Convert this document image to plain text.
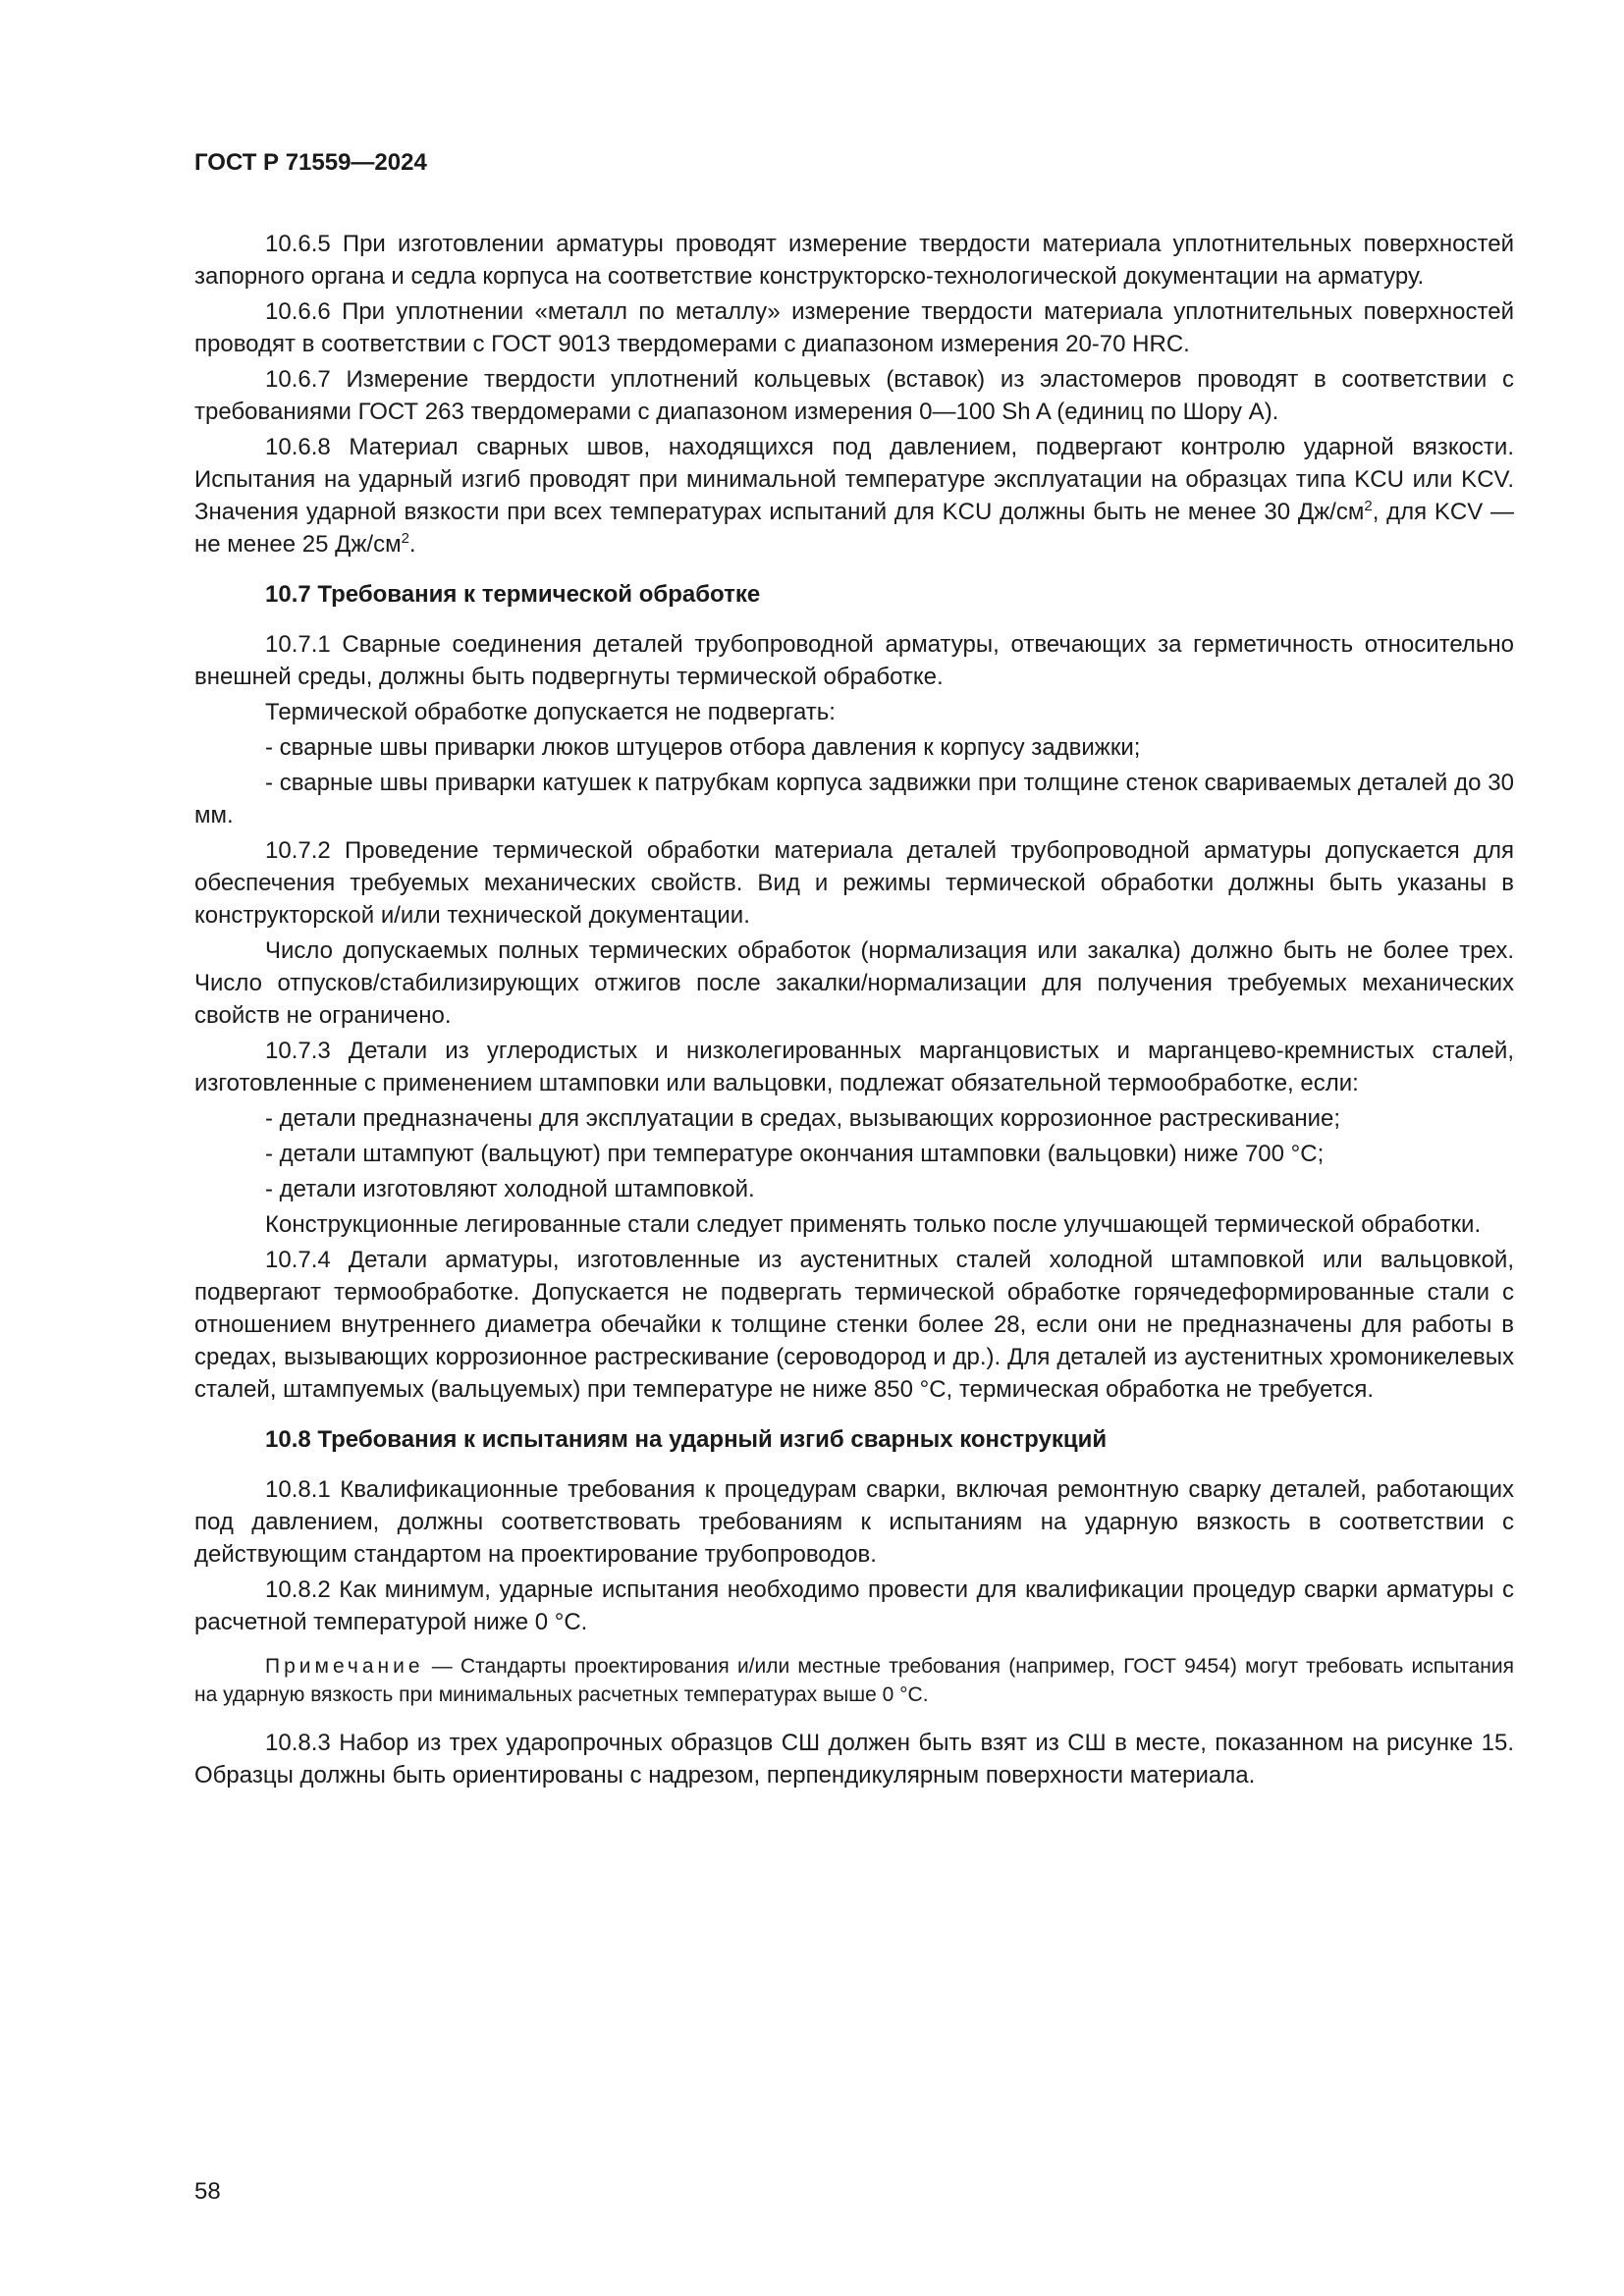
ГОСТ Р 71559—2024

10.6.5 При изготовлении арматуры проводят измерение твердости материала уплотнительных поверхностей запорного органа и седла корпуса на соответствие конструкторско-технологической документации на арматуру.

10.6.6 При уплотнении «металл по металлу» измерение твердости материала уплотнительных поверхностей проводят в соответствии с ГОСТ 9013 твердомерами с диапазоном измерения 20-70 HRC.

10.6.7 Измерение твердости уплотнений кольцевых (вставок) из эластомеров проводят в соответствии с требованиями ГОСТ 263 твердомерами с диапазоном измерения 0—100 Sh A (единиц по Шору А).

10.6.8 Материал сварных швов, находящихся под давлением, подвергают контролю ударной вязкости. Испытания на ударный изгиб проводят при минимальной температуре эксплуатации на образцах типа KCU или KCV. Значения ударной вязкости при всех температурах испытаний для KCU должны быть не менее 30 $Дж/см^2$, для KCV — не менее 25 $Дж/см^2$.

10.7 Требования к термической обработке

10.7.1 Сварные соединения деталей трубопроводной арматуры, отвечающих за герметичность относительно внешней среды, должны быть подвергнуты термической обработке.

Термической обработке допускается не подвергать:

- сварные швы приварки люков штуцеров отбора давления к корпусу задвижки;

- сварные швы приварки катушек к патрубкам корпуса задвижки при толщине стенок свариваемых деталей до 30 мм.

10.7.2 Проведение термической обработки материала деталей трубопроводной арматуры допускается для обеспечения требуемых механических свойств. Вид и режимы термической обработки должны быть указаны в конструкторской и/или технической документации.

Число допускаемых полных термических обработок (нормализация или закалка) должно быть не более трех. Число отпусков/стабилизирующих отжигов после закалки/нормализации для получения требуемых механических свойств не ограничено.

10.7.3 Детали из углеродистых и низколегированных марганцовистых и марганцево-кремнистых сталей, изготовленные с применением штамповки или вальцовки, подлежат обязательной термообработке, если:

- детали предназначены для эксплуатации в средах, вызывающих коррозионное растрескивание;

- детали штампуют (вальцуют) при температуре окончания штамповки (вальцовки) ниже 700 °С;

- детали изготовляют холодной штамповкой.

Конструкционные легированные стали следует применять только после улучшающей термической обработки.

10.7.4 Детали арматуры, изготовленные из аустенитных сталей холодной штамповкой или вальцовкой, подвергают термообработке. Допускается не подвергать термической обработке горячедеформированные стали с отношением внутреннего диаметра обечайки к толщине стенки более 28, если они не предназначены для работы в средах, вызывающих коррозионное растрескивание (сероводород и др.). Для деталей из аустенитных хромоникелевых сталей, штампуемых (вальцуемых) при температуре не ниже 850 °С, термическая обработка не требуется.

10.8 Требования к испытаниям на ударный изгиб сварных конструкций

10.8.1 Квалификационные требования к процедурам сварки, включая ремонтную сварку деталей, работающих под давлением, должны соответствовать требованиям к испытаниям на ударную вязкость в соответствии с действующим стандартом на проектирование трубопроводов.

10.8.2 Как минимум, ударные испытания необходимо провести для квалификации процедур сварки арматуры с расчетной температурой ниже 0 °С.

Примечание — Стандарты проектирования и/или местные требования (например, ГОСТ 9454) могут требовать испытания на ударную вязкость при минимальных расчетных температурах выше 0 °С.

10.8.3 Набор из трех ударопрочных образцов СШ должен быть взят из СШ в месте, показанном на рисунке 15. Образцы должны быть ориентированы с надрезом, перпендикулярным поверхности материала.

58
